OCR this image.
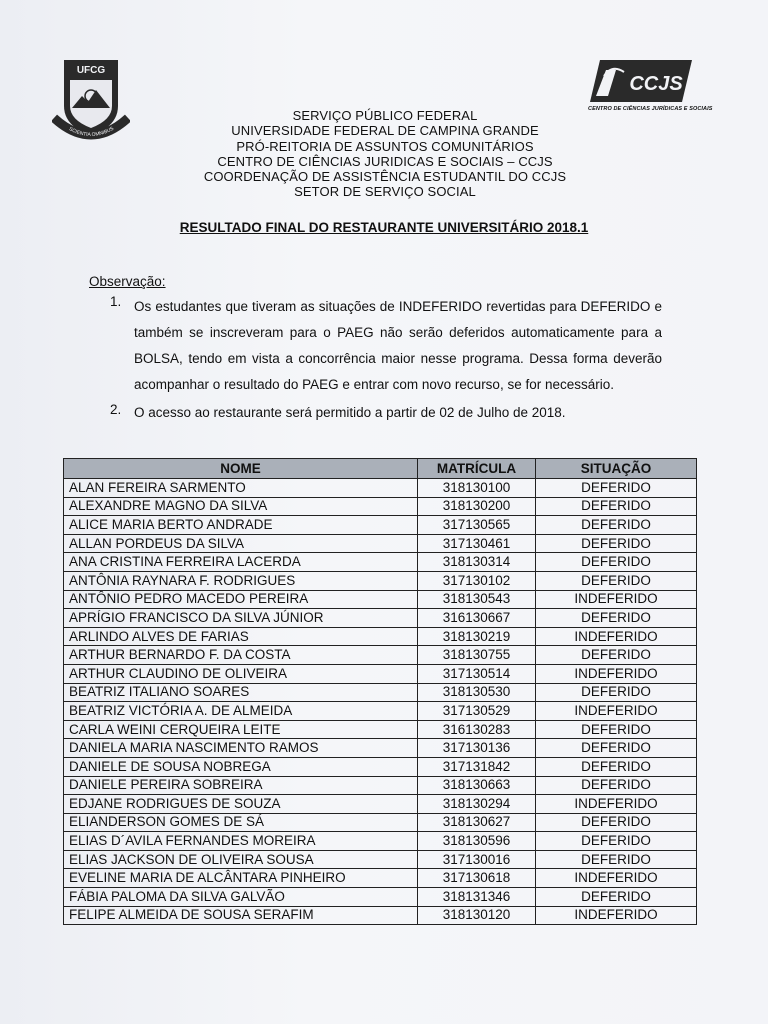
UFCG
SCIENTIA OMNIBUS
CCJS
CENTRO DE CIÊNCIAS JURÍDICAS E SOCIAIS
SERVIÇO PÚBLICO FEDERAL
UNIVERSIDADE FEDERAL DE CAMPINA GRANDE
PRÓ-REITORIA DE ASSUNTOS COMUNITÁRIOS
CENTRO DE CIÊNCIAS JURIDICAS E SOCIAIS – CCJS
COORDENAÇÃO DE ASSISTÊNCIA ESTUDANTIL DO CCJS
SETOR DE SERVIÇO SOCIAL
RESULTADO FINAL DO RESTAURANTE UNIVERSITÁRIO 2018.1
Observação:
1. Os estudantes que tiveram as situações de INDEFERIDO revertidas para DEFERIDO e também se inscreveram para o PAEG não serão deferidos automaticamente para a BOLSA, tendo em vista a concorrência maior nesse programa. Dessa forma deverão acompanhar o resultado do PAEG e entrar com novo recurso, se for necessário.
2. O acesso ao restaurante será permitido a partir de 02 de Julho de 2018.
NOME	MATRÍCULA	SITUAÇÃO
ALAN FEREIRA SARMENTO	318130100	DEFERIDO
ALEXANDRE MAGNO DA SILVA	318130200	DEFERIDO
ALICE MARIA BERTO ANDRADE	317130565	DEFERIDO
ALLAN PORDEUS DA SILVA	317130461	DEFERIDO
ANA CRISTINA FERREIRA LACERDA	318130314	DEFERIDO
ANTÔNIA RAYNARA F. RODRIGUES	317130102	DEFERIDO
ANTÔNIO PEDRO MACEDO PEREIRA	318130543	INDEFERIDO
APRÍGIO FRANCISCO DA SILVA JÚNIOR	316130667	DEFERIDO
ARLINDO ALVES DE FARIAS	318130219	INDEFERIDO
ARTHUR BERNARDO F. DA COSTA	318130755	DEFERIDO
ARTHUR CLAUDINO DE OLIVEIRA	317130514	INDEFERIDO
BEATRIZ ITALIANO SOARES	318130530	DEFERIDO
BEATRIZ VICTÓRIA A. DE ALMEIDA	317130529	INDEFERIDO
CARLA WEINI CERQUEIRA LEITE	316130283	DEFERIDO
DANIELA MARIA NASCIMENTO RAMOS	317130136	DEFERIDO
DANIELE DE SOUSA NOBREGA	317131842	DEFERIDO
DANIELE PEREIRA SOBREIRA	318130663	DEFERIDO
EDJANE RODRIGUES DE SOUZA	318130294	INDEFERIDO
ELIANDERSON GOMES DE SÁ	318130627	DEFERIDO
ELIAS D´AVILA FERNANDES MOREIRA	318130596	DEFERIDO
ELIAS JACKSON DE OLIVEIRA SOUSA	317130016	DEFERIDO
EVELINE MARIA DE ALCÂNTARA PINHEIRO	317130618	INDEFERIDO
FÁBIA PALOMA DA SILVA GALVÃO	318131346	DEFERIDO
FELIPE ALMEIDA DE SOUSA SERAFIM	318130120	INDEFERIDO
